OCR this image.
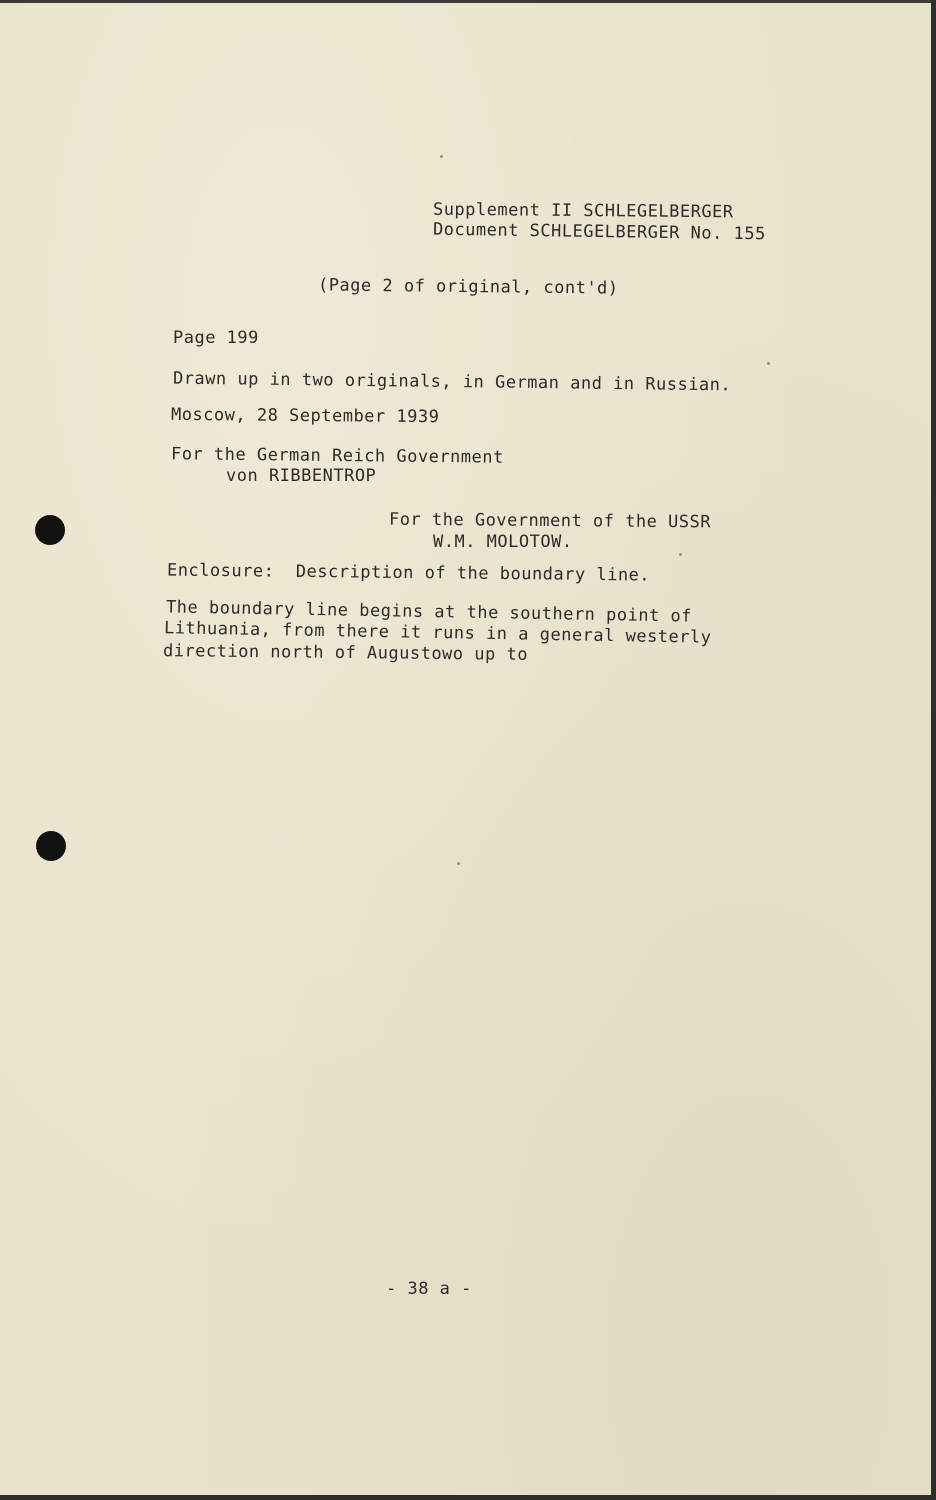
Supplement II SCHLEGELBERGER
Document SCHLEGELBERGER No. 155
(Page 2 of original, cont'd)
Page 199
Drawn up in two originals, in German and in Russian.
Moscow, 28 September 1939
For the German Reich Government
von RIBBENTROP
For the Government of the USSR
W.M. MOLOTOW.
Enclosure: Description of the boundary line.
The boundary line begins at the southern point of
Lithuania, from there it runs in a general westerly
direction north of Augustowo up to
- 38 a -
